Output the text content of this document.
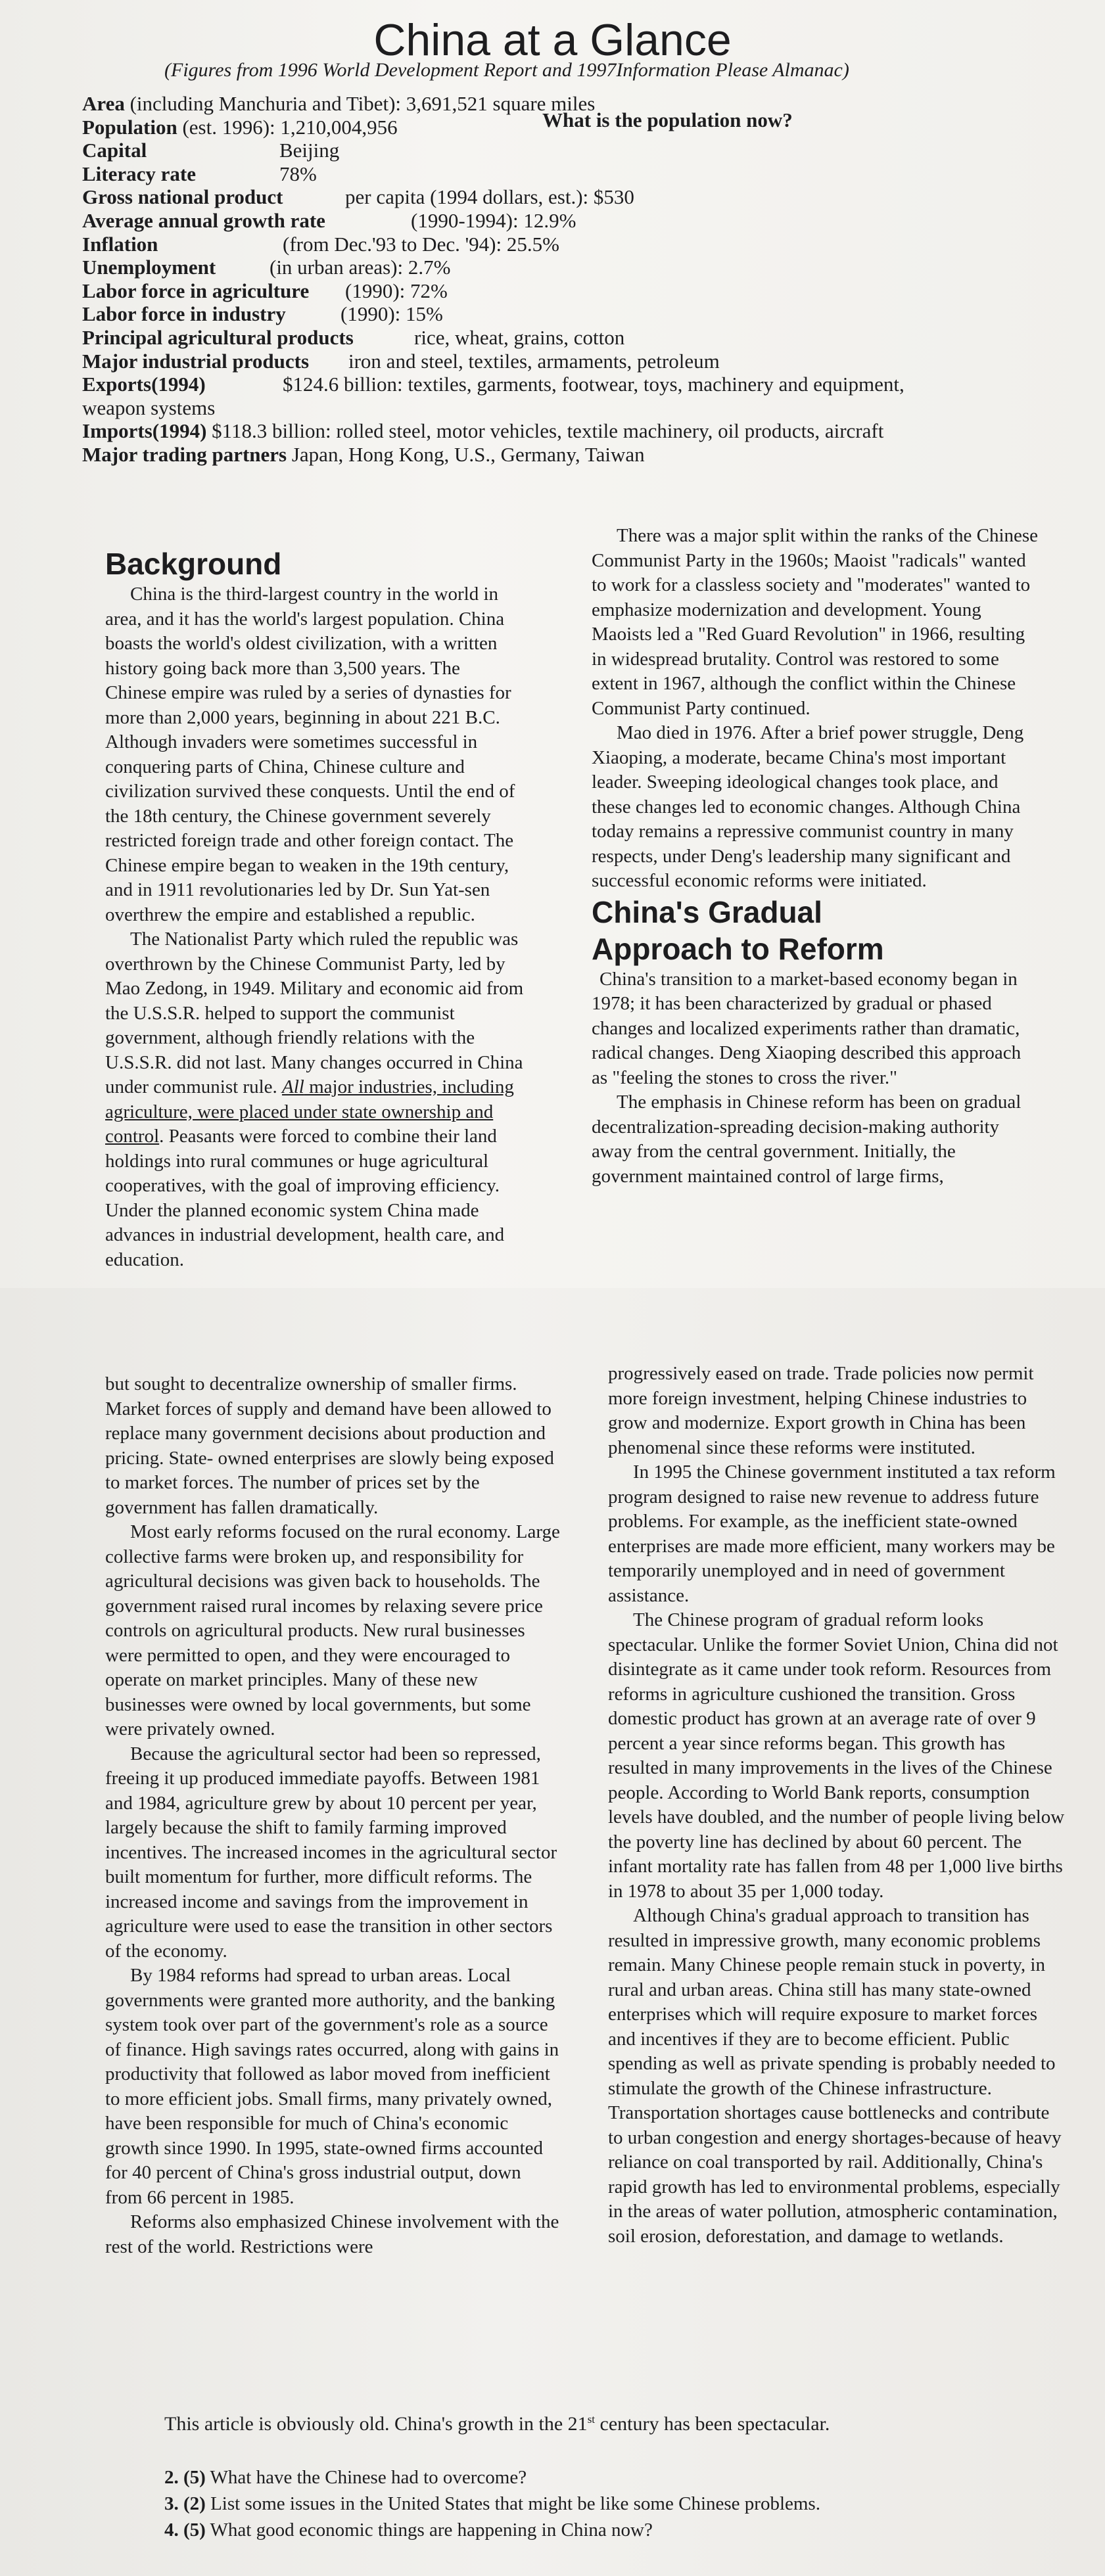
China at a Glance
(Figures from 1996 World Development Report and 1997Information Please Almanac)
What is the population now?
Area (including Manchuria and Tibet): 3,691,521 square miles
Population (est. 1996): 1,210,004,956
Capital	Beijing
Literacy rate	78%
Gross national product	per capita (1994 dollars, est.): $530
Average annual growth rate	(1990-1994): 12.9%
Inflation	(from Dec.'93 to Dec. '94): 25.5%
Unemployment	(in urban areas): 2.7%
Labor force in agriculture (1990): 72%
Labor force in industry	(1990): 15%
Principal agricultural products	rice, wheat, grains, cotton
Major industrial products iron and steel, textiles, armaments, petroleum
Exports(1994)	$124.6 billion: textiles, garments, footwear, toys, machinery and equipment,
weapon systems
Imports(1994) $118.3 billion: rolled steel, motor vehicles, textile machinery, oil products, aircraft
Major trading partners Japan, Hong Kong, U.S., Germany, Taiwan
Background

China is the third-largest country in the world in area, and it has the world's largest population. China boasts the world's oldest civilization, with a written history going back more than 3,500 years. The Chinese empire was ruled by a series of dynasties for more than 2,000 years, beginning in about 221 B.C. Although invaders were sometimes successful in conquering parts of China, Chinese culture and civilization survived these conquests. Until the end of the 18th century, the Chinese government severely restricted foreign trade and other foreign contact. The Chinese empire began to weaken in the 19th century, and in 1911 revolutionaries led by Dr. Sun Yat-sen overthrew the empire and established a republic.

The Nationalist Party which ruled the republic was overthrown by the Chinese Communist Party, led by Mao Zedong, in 1949. Military and economic aid from the U.S.S.R. helped to support the communist government, although friendly relations with the U.S.S.R. did not last. Many changes occurred in China under communist rule. All major industries, including agriculture, were placed under state ownership and control. Peasants were forced to combine their land holdings into rural communes or huge agricultural cooperatives, with the goal of improving efficiency. Under the planned economic system China made advances in industrial development, health care, and education.

There was a major split within the ranks of the Chinese Communist Party in the 1960s; Maoist "radicals" wanted to work for a classless society and "moderates" wanted to emphasize modernization and development. Young Maoists led a "Red Guard Revolution" in 1966, resulting in widespread brutality. Control was restored to some extent in 1967, although the conflict within the Chinese Communist Party continued.

Mao died in 1976. After a brief power struggle, Deng Xiaoping, a moderate, became China's most important leader. Sweeping ideological changes took place, and these changes led to economic changes. Although China today remains a repressive communist country in many respects, under Deng's leadership many significant and successful economic reforms were initiated.

China's Gradual
Approach to Reform

China's transition to a market-based economy began in 1978; it has been characterized by gradual or phased changes and localized experiments rather than dramatic, radical changes. Deng Xiaoping described this approach as "feeling the stones to cross the river."

The emphasis in Chinese reform has been on gradual decentralization-spreading decision-making authority away from the central government. Initially, the government maintained control of large firms,

but sought to decentralize ownership of smaller firms. Market forces of supply and demand have been allowed to replace many government decisions about production and pricing. State- owned enterprises are slowly being exposed to market forces. The number of prices set by the government has fallen dramatically.

Most early reforms focused on the rural economy. Large collective farms were broken up, and responsibility for agricultural decisions was given back to households. The government raised rural incomes by relaxing severe price controls on agricultural products. New rural businesses were permitted to open, and they were encouraged to operate on market principles. Many of these new businesses were owned by local governments, but some were privately owned.

Because the agricultural sector had been so repressed, freeing it up produced immediate payoffs. Between 1981 and 1984, agriculture grew by about 10 percent per year, largely because the shift to family farming improved incentives. The increased incomes in the agricultural sector built momentum for further, more difficult reforms. The increased income and savings from the improvement in agriculture were used to ease the transition in other sectors of the economy.

By 1984 reforms had spread to urban areas. Local governments were granted more authority, and the banking system took over part of the government's role as a source of finance. High savings rates occurred, along with gains in productivity that followed as labor moved from inefficient to more efficient jobs. Small firms, many privately owned, have been responsible for much of China's economic growth since 1990. In 1995, state-owned firms accounted for 40 percent of China's gross industrial output, down from 66 percent in 1985.

Reforms also emphasized Chinese involvement with the rest of the world. Restrictions were

progressively eased on trade. Trade policies now permit more foreign investment, helping Chinese industries to grow and modernize. Export growth in China has been phenomenal since these reforms were instituted.

In 1995 the Chinese government instituted a tax reform program designed to raise new revenue to address future problems. For example, as the inefficient state-owned enterprises are made more efficient, many workers may be temporarily unemployed and in need of government assistance.

The Chinese program of gradual reform looks spectacular. Unlike the former Soviet Union, China did not disintegrate as it came under took reform. Resources from reforms in agriculture cushioned the transition. Gross domestic product has grown at an average rate of over 9 percent a year since reforms began. This growth has resulted in many improvements in the lives of the Chinese people. According to World Bank reports, consumption levels have doubled, and the number of people living below the poverty line has declined by about 60 percent. The infant mortality rate has fallen from 48 per 1,000 live births in 1978 to about 35 per 1,000 today.

Although China's gradual approach to transition has resulted in impressive growth, many economic problems remain. Many Chinese people remain stuck in poverty, in rural and urban areas. China still has many state-owned enterprises which will require exposure to market forces and incentives if they are to become efficient. Public spending as well as private spending is probably needed to stimulate the growth of the Chinese infrastructure. Transportation shortages cause bottlenecks and contribute to urban congestion and energy shortages-because of heavy reliance on coal transported by rail. Additionally, China's rapid growth has led to environmental problems, especially in the areas of water pollution, atmospheric contamination, soil erosion, deforestation, and damage to wetlands.

This article is obviously old. China's growth in the 21st century has been spectacular.
2. (5) What have the Chinese had to overcome?
3. (2) List some issues in the United States that might be like some Chinese problems.
4. (5) What good economic things are happening in China now?
